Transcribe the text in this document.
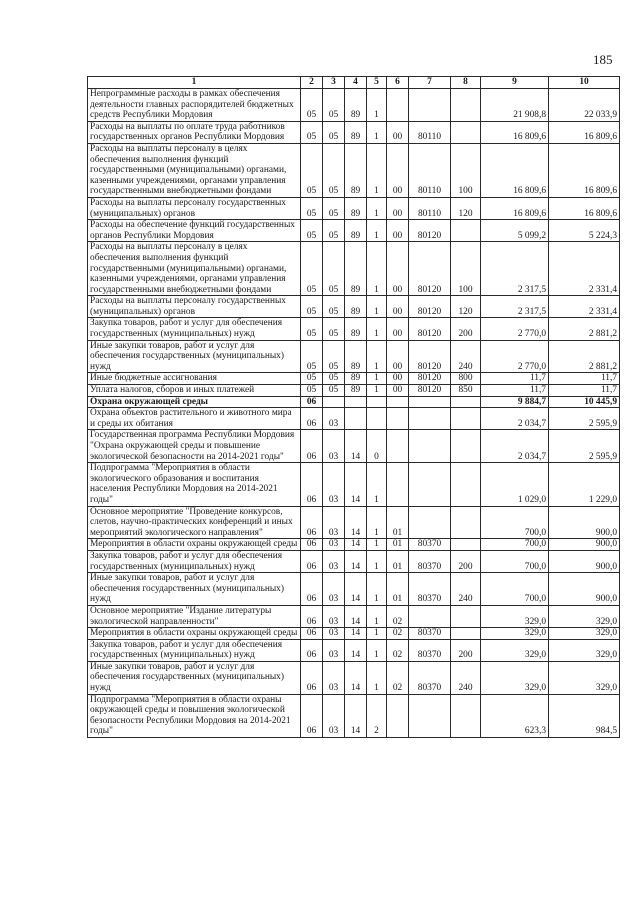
185
1	2	3	4	5	6	7	8	9	10
Непрограммные расходы в рамках обеспечения деятельности главных распорядителей бюджетных средств Республики Мордовия	05	05	89	1				21 908,8	22 033,9
Расходы на выплаты по оплате труда работников государственных органов Республики Мордовия	05	05	89	1	00	80110		16 809,6	16 809,6
Расходы на выплаты персоналу в целях обеспечения выполнения функций государственными (муниципальными) органами, казенными учреждениями, органами управления государственными внебюджетными фондами	05	05	89	1	00	80110	100	16 809,6	16 809,6
Расходы на выплаты персоналу государственных (муниципальных) органов	05	05	89	1	00	80110	120	16 809,6	16 809,6
Расходы на обеспечение функций государственных органов Республики Мордовия	05	05	89	1	00	80120		5 099,2	5 224,3
Расходы на выплаты персоналу в целях обеспечения выполнения функций государственными (муниципальными) органами, казенными учреждениями, органами управления государственными внебюджетными фондами	05	05	89	1	00	80120	100	2 317,5	2 331,4
Расходы на выплаты персоналу государственных (муниципальных) органов	05	05	89	1	00	80120	120	2 317,5	2 331,4
Закупка товаров, работ и услуг для обеспечения государственных (муниципальных) нужд	05	05	89	1	00	80120	200	2 770,0	2 881,2
Иные закупки товаров, работ и услуг для обеспечения государственных (муниципальных) нужд	05	05	89	1	00	80120	240	2 770,0	2 881,2
Иные бюджетные ассигнования	05	05	89	1	00	80120	800	11,7	11,7
Уплата налогов, сборов и иных платежей	05	05	89	1	00	80120	850	11,7	11,7
Охрана окружающей среды	06							9 884,7	10 445,9
Охрана объектов растительного и животного мира и среды их обитания	06	03						2 034,7	2 595,9
Государственная программа Республики Мордовия "Охрана окружающей среды и повышение экологической безопасности на 2014-2021 годы"	06	03	14	0				2 034,7	2 595,9
Подпрограмма "Мероприятия в области экологического образования и воспитания населения Республики Мордовия на 2014-2021 годы"	06	03	14	1				1 029,0	1 229,0
Основное мероприятие "Проведение конкурсов, слетов, научно-практических конференций и иных мероприятий экологического направления"	06	03	14	1	01			700,0	900,0
Мероприятия в области охраны окружающей среды	06	03	14	1	01	80370		700,0	900,0
Закупка товаров, работ и услуг для обеспечения государственных (муниципальных) нужд	06	03	14	1	01	80370	200	700,0	900,0
Иные закупки товаров, работ и услуг для обеспечения государственных (муниципальных) нужд	06	03	14	1	01	80370	240	700,0	900,0
Основное мероприятие "Издание литературы экологической направленности"	06	03	14	1	02			329,0	329,0
Мероприятия в области охраны окружающей среды	06	03	14	1	02	80370		329,0	329,0
Закупка товаров, работ и услуг для обеспечения государственных (муниципальных) нужд	06	03	14	1	02	80370	200	329,0	329,0
Иные закупки товаров, работ и услуг для обеспечения государственных (муниципальных) нужд	06	03	14	1	02	80370	240	329,0	329,0
Подпрограмма "Мероприятия в области охраны окружающей среды и повышения экологической безопасности Республики Мордовия на 2014-2021 годы"	06	03	14	2				623,3	984,5
